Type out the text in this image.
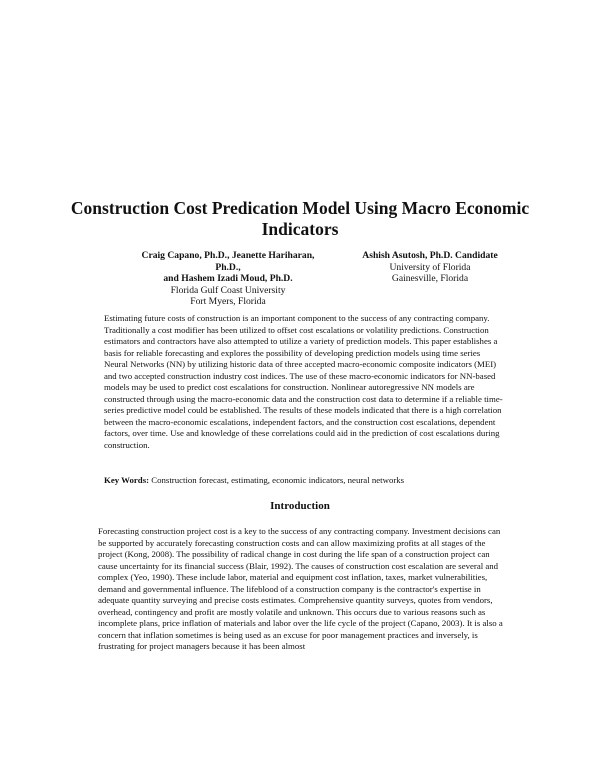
Construction Cost Predication Model Using Macro Economic Indicators
Craig Capano, Ph.D., Jeanette Hariharan, Ph.D.,
and Hashem Izadi Moud, Ph.D.
Florida Gulf Coast University
Fort Myers, Florida
Ashish Asutosh, Ph.D. Candidate
University of Florida
Gainesville, Florida

Estimating future costs of construction is an important component to the success of any contracting company. Traditionally a cost modifier has been utilized to offset cost escalations or volatility predictions. Construction estimators and contractors have also attempted to utilize a variety of prediction models. This paper establishes a basis for reliable forecasting and explores the possibility of developing prediction models using time series Neural Networks (NN) by utilizing historic data of three accepted macro-economic composite indicators (MEI) and two accepted construction industry cost indices. The use of these macro-economic indicators for NN-based models may be used to predict cost escalations for construction. Nonlinear autoregressive NN models are constructed through using the macro-economic data and the construction cost data to determine if a reliable time-series predictive model could be established. The results of these models indicated that there is a high correlation between the macro-economic escalations, independent factors, and the construction cost escalations, dependent factors, over time. Use and knowledge of these correlations could aid in the prediction of cost escalations during construction.

Key Words: Construction forecast, estimating, economic indicators, neural networks

Introduction

Forecasting construction project cost is a key to the success of any contracting company. Investment decisions can be supported by accurately forecasting construction costs and can allow maximizing profits at all stages of the project (Kong, 2008). The possibility of radical change in cost during the life span of a construction project can cause uncertainty for its financial success (Blair, 1992). The causes of construction cost escalation are several and complex (Yeo, 1990). These include labor, material and equipment cost inflation, taxes, market vulnerabilities, demand and governmental influence. The lifeblood of a construction company is the contractor's expertise in adequate quantity surveying and precise costs estimates. Comprehensive quantity surveys, quotes from vendors, overhead, contingency and profit are mostly volatile and unknown. This occurs due to various reasons such as incomplete plans, price inflation of materials and labor over the life cycle of the project (Capano, 2003). It is also a concern that inflation sometimes is being used as an excuse for poor management practices and inversely, is frustrating for project managers because it has been almost
